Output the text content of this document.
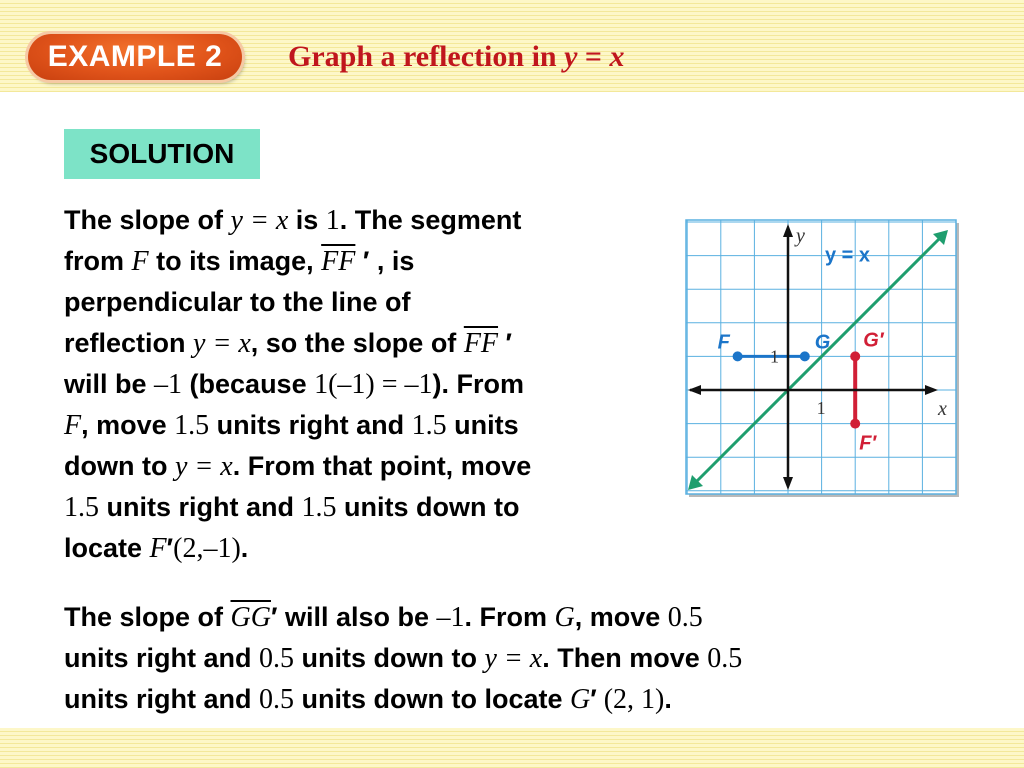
EXAMPLE 2	Graph a reflection in y = x
SOLUTION
The slope of y = x is 1. The segment
from F to its image, $\overline{FF}$ ′ , is
perpendicular to the line of
reflection y = x, so the slope of $\overline{FF}$ ′
will be –1 (because 1(–1) = –1). From
F, move 1.5 units right and 1.5 units
down to y = x. From that point, move
1.5 units right and 1.5 units down to
locate F′(2,–1).
The slope of $\overline{GG}'$ will also be –1. From G, move 0.5
units right and 0.5 units down to y = x. Then move 0.5
units right and 0.5 units down to locate G′ (2, 1).
x
y
1
1
y = x
F	G G′
F′
